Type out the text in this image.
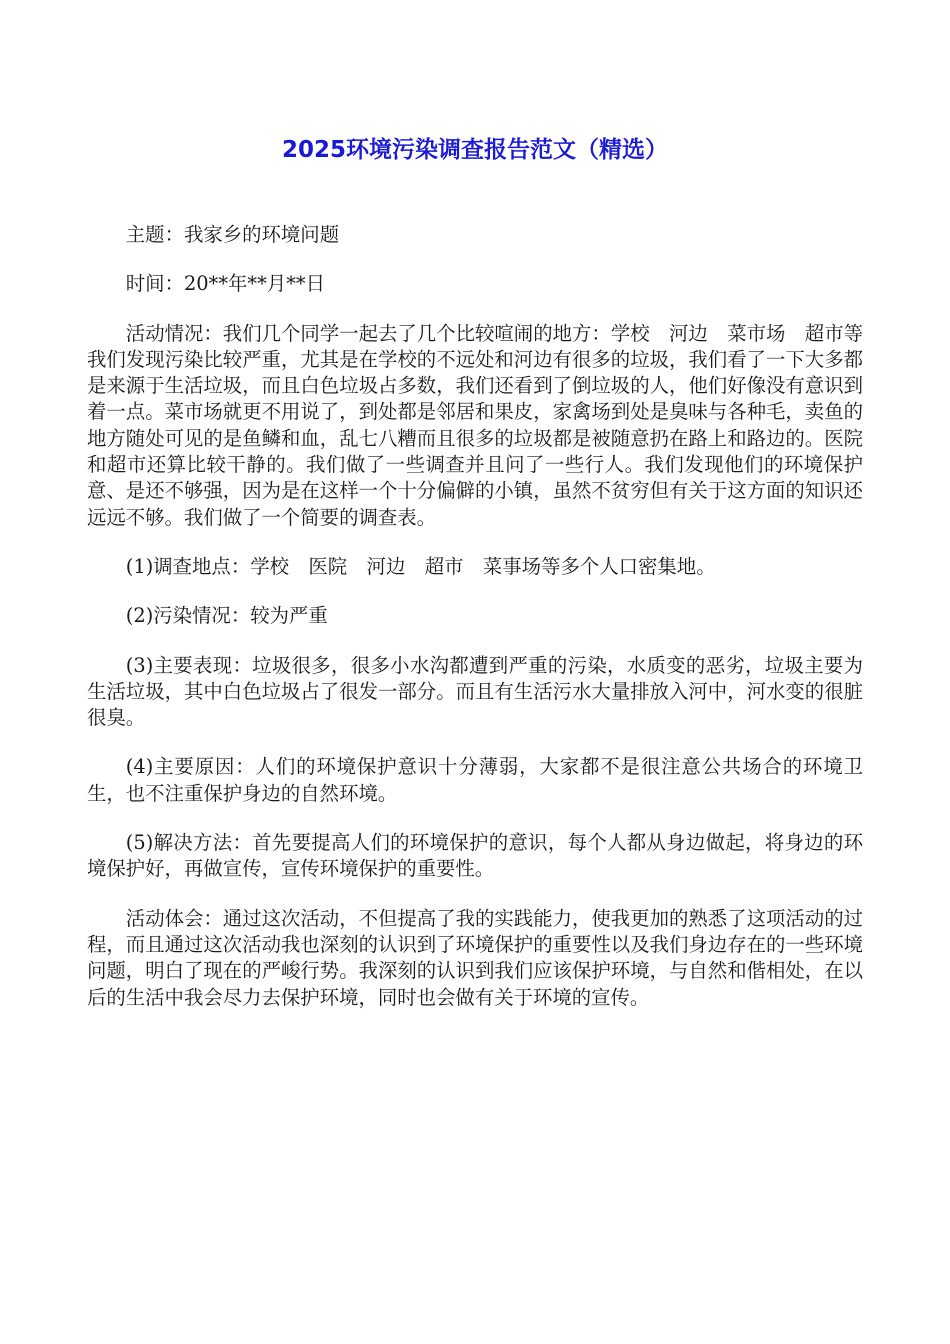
2025环境污染调查报告范文（精选）

主题：我家乡的环境问题

时间：20**年**月**日

活动情况：我们几个同学一起去了几个比较喧闹的地方：学校　河边　菜市场　超市等　我们发现污染比较严重，尤其是在学校的不远处和河边有很多的垃圾，我们看了一下大多都是来源于生活垃圾，而且白色垃圾占多数，我们还看到了倒垃圾的人，他们好像没有意识到着一点。菜市场就更不用说了，到处都是邻居和果皮，家禽场到处是臭味与各种毛，卖鱼的地方随处可见的是鱼鳞和血，乱七八糟而且很多的垃圾都是被随意扔在路上和路边的。医院和超市还算比较干静的。我们做了一些调查并且问了一些行人。我们发现他们的环境保护意、是还不够强，因为是在这样一个十分偏僻的小镇，虽然不贫穷但有关于这方面的知识还远远不够。我们做了一个简要的调查表。

(1)调查地点：学校　医院　河边　超市　菜事场等多个人口密集地。

(2)污染情况：较为严重

(3)主要表现：垃圾很多，很多小水沟都遭到严重的污染，水质变的恶劣，垃圾主要为生活垃圾，其中白色垃圾占了很发一部分。而且有生活污水大量排放入河中，河水变的很脏很臭。

(4)主要原因：人们的环境保护意识十分薄弱，大家都不是很注意公共场合的环境卫生，也不注重保护身边的自然环境。

(5)解决方法：首先要提高人们的环境保护的意识，每个人都从身边做起，将身边的环境保护好，再做宣传，宣传环境保护的重要性。

活动体会：通过这次活动，不但提高了我的实践能力，使我更加的熟悉了这项活动的过程，而且通过这次活动我也深刻的认识到了环境保护的重要性以及我们身边存在的一些环境问题，明白了现在的严峻行势。我深刻的认识到我们应该保护环境，与自然和偕相处，在以后的生活中我会尽力去保护环境，同时也会做有关于环境的宣传。
